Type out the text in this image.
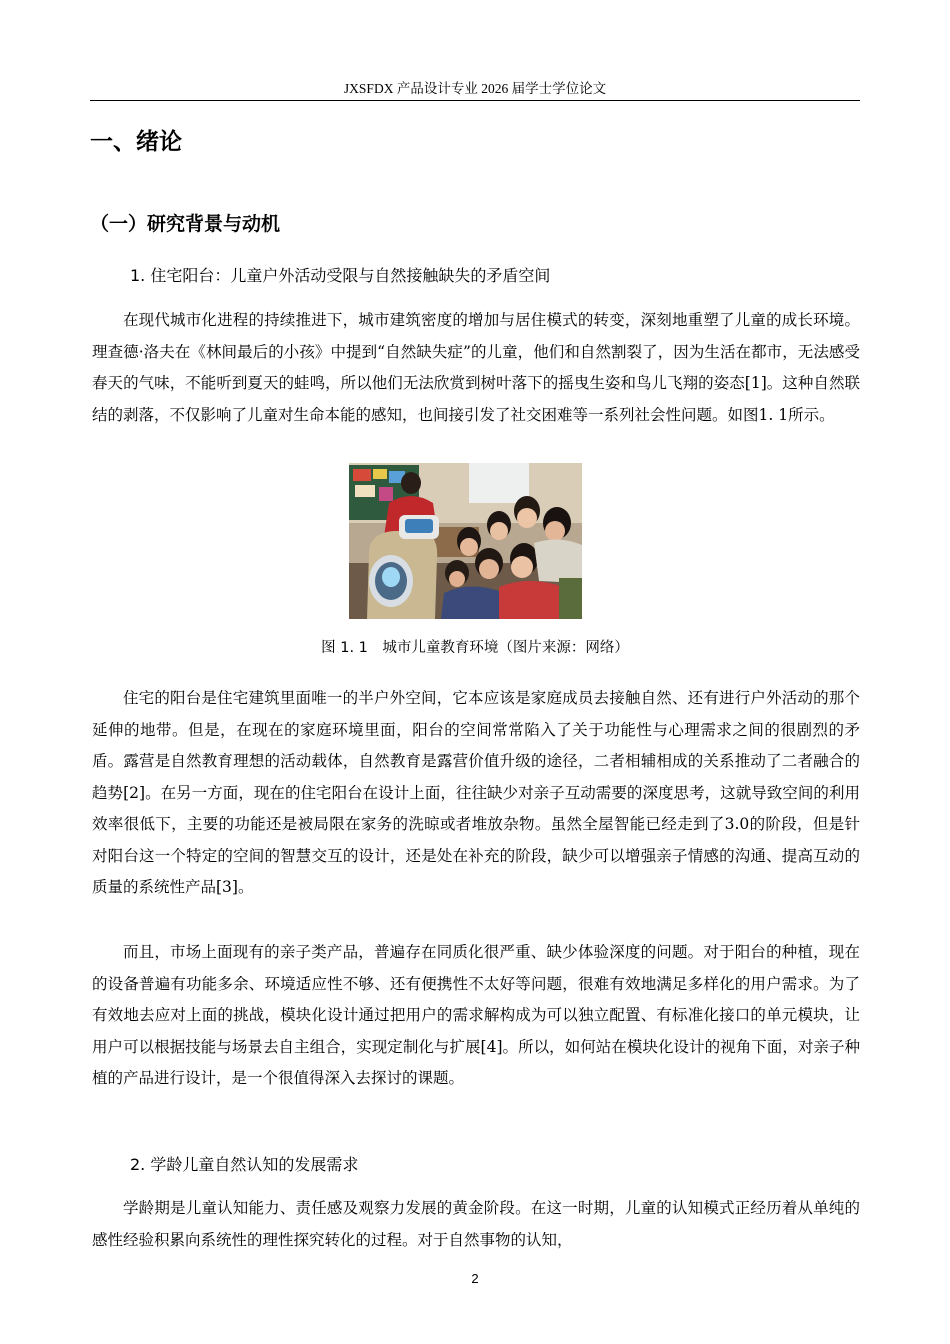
JXSFDX 产品设计专业 2026 届学士学位论文
一、绪论
（一）研究背景与动机
1. 住宅阳台：儿童户外活动受限与自然接触缺失的矛盾空间

在现代城市化进程的持续推进下，城市建筑密度的增加与居住模式的转变，深刻地重塑了儿童的成长环境。理查德·洛夫在《林间最后的小孩》中提到“自然缺失症”的儿童，他们和自然割裂了，因为生活在都市，无法感受春天的气味，不能听到夏天的蛙鸣，所以他们无法欣赏到树叶落下的摇曳生姿和鸟儿飞翔的姿态[1]。这种自然联结的剥落，不仅影响了儿童对生命本能的感知，也间接引发了社交困难等一系列社会性问题。如图1. 1所示。

图 1. 1　城市儿童教育环境（图片来源：网络）

住宅的阳台是住宅建筑里面唯一的半户外空间，它本应该是家庭成员去接触自然、还有进行户外活动的那个延伸的地带。但是，在现在的家庭环境里面，阳台的空间常常陷入了关于功能性与心理需求之间的很剧烈的矛盾。露营是自然教育理想的活动载体，自然教育是露营价值升级的途径，二者相辅相成的关系推动了二者融合的趋势[2]。在另一方面，现在的住宅阳台在设计上面，往往缺少对亲子互动需要的深度思考，这就导致空间的利用效率很低下，主要的功能还是被局限在家务的洗晾或者堆放杂物。虽然全屋智能已经走到了3.0的阶段，但是针对阳台这一个特定的空间的智慧交互的设计，还是处在补充的阶段，缺少可以增强亲子情感的沟通、提高互动的质量的系统性产品[3]。

而且，市场上面现有的亲子类产品，普遍存在同质化很严重、缺少体验深度的问题。对于阳台的种植，现在的设备普遍有功能多余、环境适应性不够、还有便携性不太好等问题，很难有效地满足多样化的用户需求。为了有效地去应对上面的挑战，模块化设计通过把用户的需求解构成为可以独立配置、有标准化接口的单元模块，让用户可以根据技能与场景去自主组合，实现定制化与扩展[4]。所以，如何站在模块化设计的视角下面，对亲子种植的产品进行设计，是一个很值得深入去探讨的课题。

2. 学龄儿童自然认知的发展需求

学龄期是儿童认知能力、责任感及观察力发展的黄金阶段。在这一时期，儿童的认知模式正经历着从单纯的感性经验积累向系统性的理性探究转化的过程。对于自然事物的认知，

2
